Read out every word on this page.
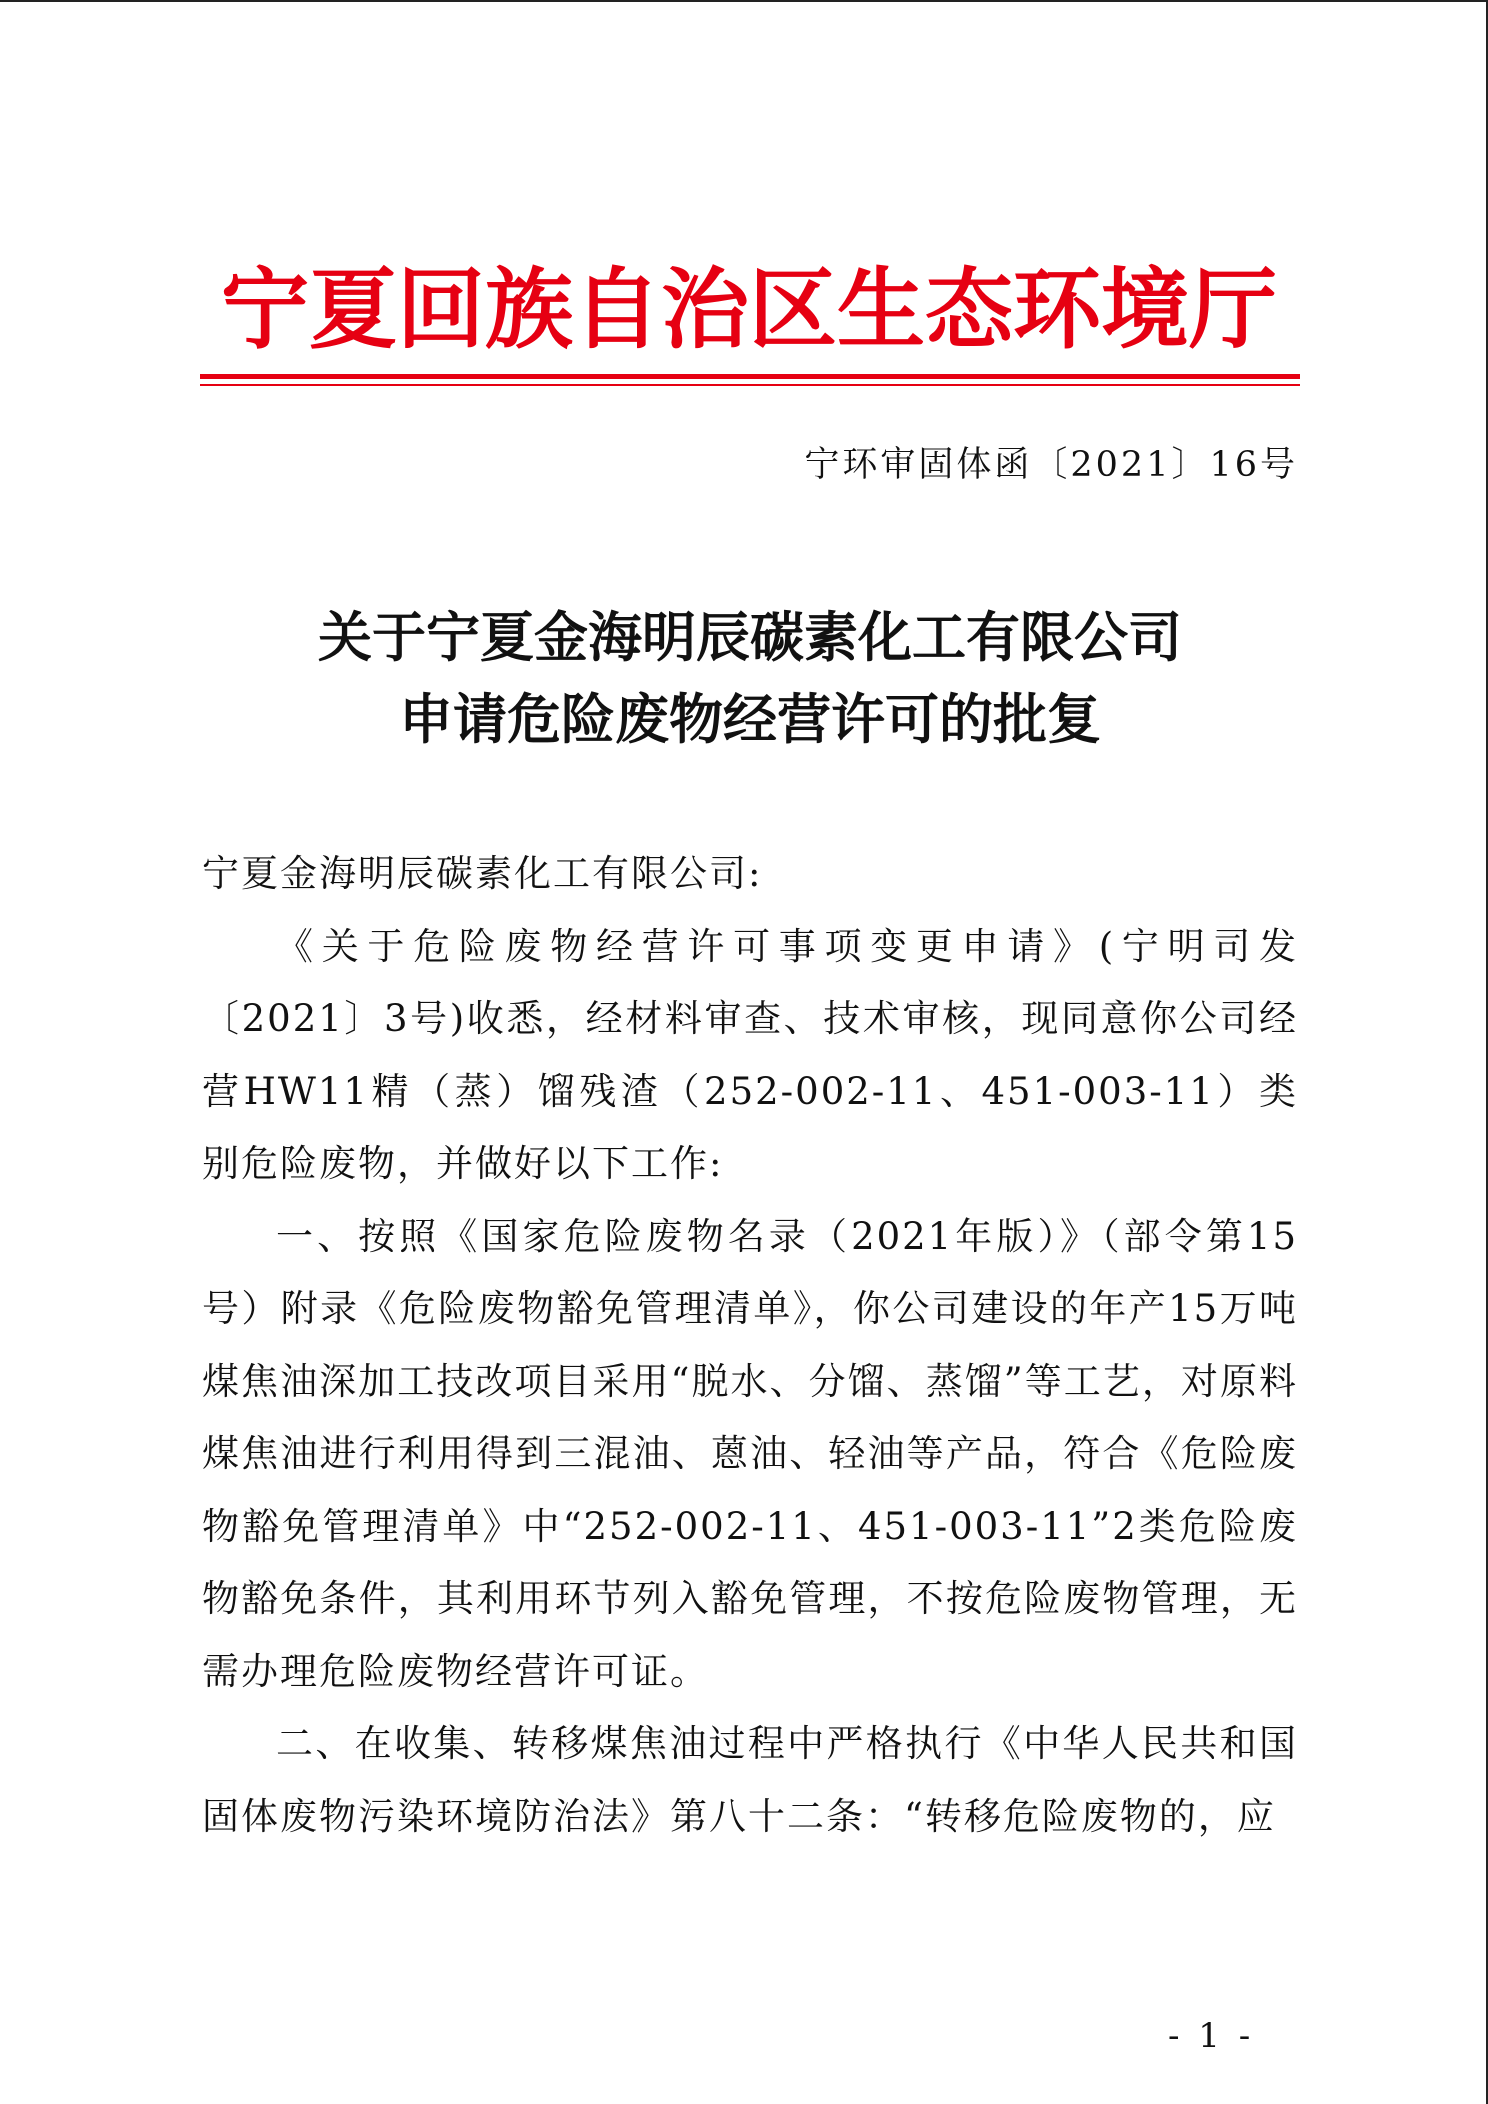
宁夏回族自治区生态环境厅
宁环审固体函〔2021〕16号
关于宁夏金海明辰碳素化工有限公司
申请危险废物经营许可的批复

宁夏金海明辰碳素化工有限公司:

《关于危险废物经营许可事项变更申请》(宁明司发〔2021〕3号)收悉，经材料审查、技术审核，现同意你公司经营HW11精（蒸）馏残渣（252-002-11、451-003-11）类别危险废物，并做好以下工作:

一、按照《国家危险废物名录（2021年版）》（部令第15号）附录《危险废物豁免管理清单》，你公司建设的年产15万吨煤焦油深加工技改项目采用“脱水、分馏、蒸馏”等工艺，对原料煤焦油进行利用得到三混油、蒽油、轻油等产品，符合《危险废物豁免管理清单》中“252-002-11、451-003-11”2类危险废物豁免条件，其利用环节列入豁免管理，不按危险废物管理，无需办理危险废物经营许可证。

二、在收集、转移煤焦油过程中严格执行《中华人民共和国固体废物污染环境防治法》第八十二条：“转移危险废物的，应

- 1 -
